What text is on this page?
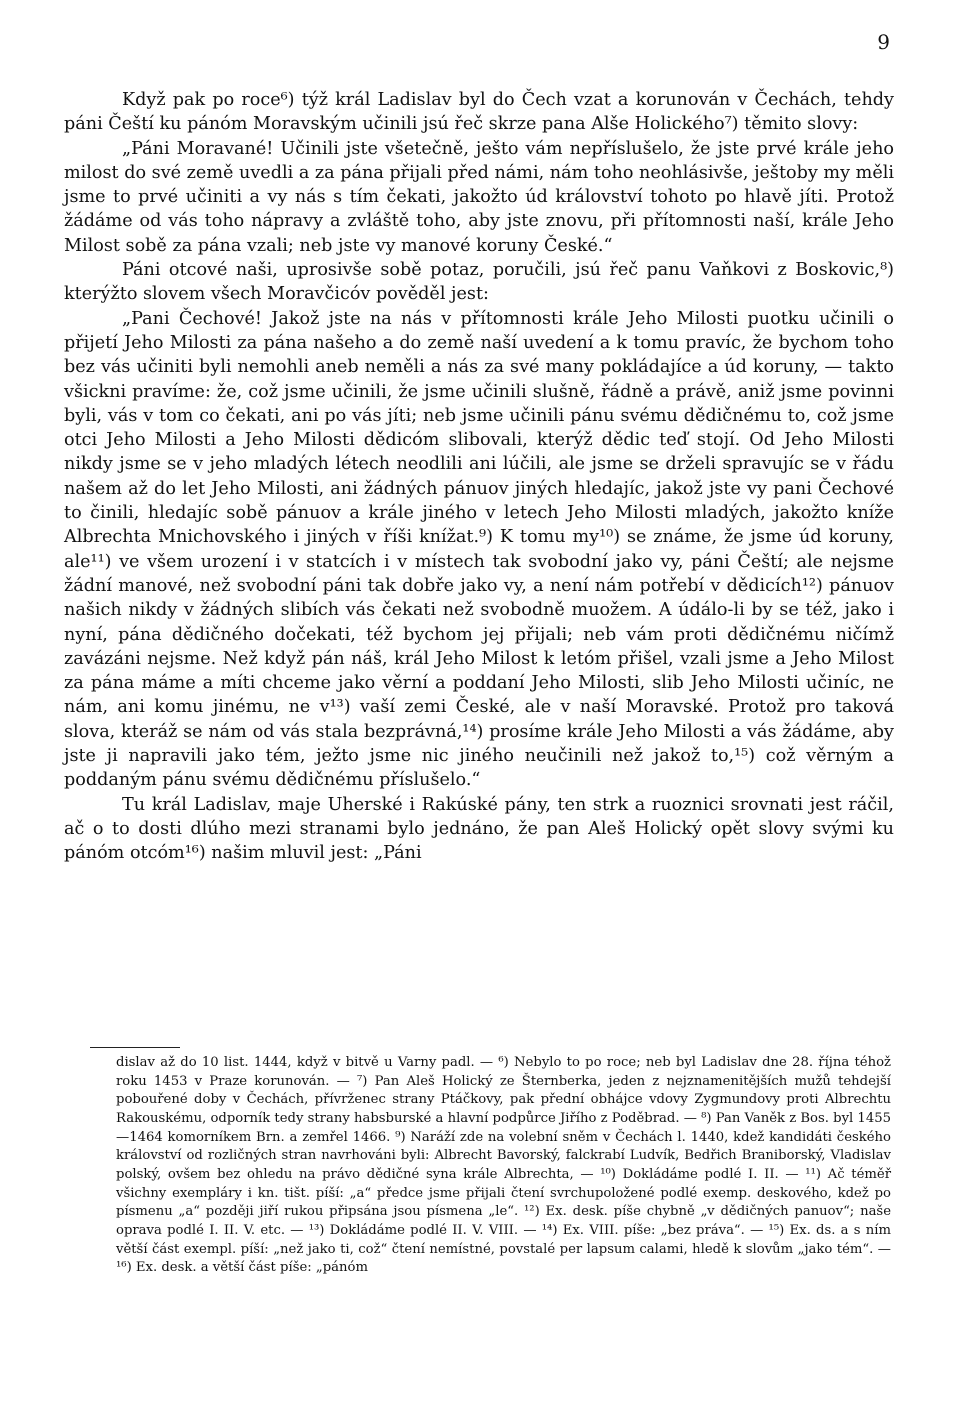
9

Když pak po roce⁶) týž král Ladislav byl do Čech vzat a korunován v Čechách, tehdy páni Čeští ku pánóm Moravským učinili jsú řeč skrze pana Alše Holického⁷) těmito slovy:

„Páni Moravané! Učinili jste všetečně, ješto vám nepříslušelo, že jste prvé krále jeho milost do své země uvedli a za pána přijali před námi, nám toho neohlásivše, ještoby my měli jsme to prvé učiniti a vy nás s tím čekati, jakožto úd království tohoto po hlavě jíti. Protož žádáme od vás toho nápravy a zvláště toho, aby jste znovu, při přítomnosti naší, krále Jeho Milost sobě za pána vzali; neb jste vy manové koruny České.“

Páni otcové naši, uprosivše sobě potaz, poručili, jsú řeč panu Vaňkovi z Boskovic,⁸) kterýžto slovem všech Moravčicóv pověděl jest:

„Pani Čechové! Jakož jste na nás v přítomnosti krále Jeho Milosti puotku učinili o přijetí Jeho Milosti za pána našeho a do země naší uvedení a k tomu pravíc, že bychom toho bez vás učiniti byli nemohli aneb neměli a nás za své many pokládajíce a úd koruny, — takto všickni pravíme: že, což jsme učinili, že jsme učinili slušně, řádně a právě, aniž jsme povinni byli, vás v tom co čekati, ani po vás jíti; neb jsme učinili pánu svému dědičnému to, což jsme otci Jeho Milosti a Jeho Milosti dědicóm slibovali, kterýž dědic teď stojí. Od Jeho Milosti nikdy jsme se v jeho mladých létech neodlili ani lúčili, ale jsme se drželi spravujíc se v řádu našem až do let Jeho Milosti, ani žádných pánuov jiných hledajíc, jakož jste vy pani Čechové to činili, hledajíc sobě pánuov a krále jiného v letech Jeho Milosti mladých, jakožto kníže Albrechta Mnichovského i jiných v říši knížat.⁹) K tomu my¹⁰) se známe, že jsme úd koruny, ale¹¹) ve všem urození i v statcích i v místech tak svobodní jako vy, páni Čeští; ale nejsme žádní manové, než svobodní páni tak dobře jako vy, a není nám potřebí v dědicích¹²) pánuov našich nikdy v žádných slibích vás čekati než svobodně muožem. A údálo-li by se též, jako i nyní, pána dědičného dočekati, též bychom jej přijali; neb vám proti dědičnému ničímž zavázáni nejsme. Než když pán náš, král Jeho Milost k letóm přišel, vzali jsme a Jeho Milost za pána máme a míti chceme jako věrní a poddaní Jeho Milosti, slib Jeho Milosti učiníc, ne nám, ani komu jinému, ne v¹³) vaší zemi České, ale v naší Moravské. Protož pro taková slova, kteráž se nám od vás stala bezprávná,¹⁴) prosíme krále Jeho Milosti a vás žádáme, aby jste ji napravili jako tém, ježto jsme nic jiného neučinili než jakož to,¹⁵) což věrným a poddaným pánu svému dědičnému příslušelo.“

Tu král Ladislav, maje Uherské i Rakúské pány, ten strk a ruoznici srovnati jest ráčil, ač o to dosti dlúho mezi stranami bylo jednáno, že pan Aleš Holický opět slovy svými ku pánóm otcóm¹⁶) našim mluvil jest: „Páni

dislav až do 10 list. 1444, když v bitvě u Varny padl. — ⁶) Nebylo to po roce; neb byl Ladislav dne 28. října téhož roku 1453 v Praze korunován. — ⁷) Pan Aleš Holický ze Šternberka, jeden z nejznamenitějších mužů tehdejší pobouřené doby v Čechách, přívrženec strany Ptáčkovy, pak přední obhájce vdovy Zygmundovy proti Albrechtu Rakouskému, odporník tedy strany habsburské a hlavní podpůrce Jiřího z Poděbrad. — ⁸) Pan Vaněk z Bos. byl 1455—1464 komorníkem Brn. a zemřel 1466. ⁹) Naráží zde na volební sněm v Čechách l. 1440, kdež kandidáti českého království od rozličných stran navrhováni byli: Albrecht Bavorský, falckrabí Ludvík, Bedřich Braniborský, Vladislav polský, ovšem bez ohledu na právo dědičné syna krále Albrechta, — ¹⁰) Dokládáme podlé I. II. — ¹¹) Ač téměř všichny exempláry i kn. tišt. píší: „a“ předce jsme přijali čtení svrchupoložené podlé exemp. deskového, kdež po písmenu „a“ později jiří rukou připsána jsou písmena „le“. ¹²) Ex. desk. píše chybně „v dědičných panuov“; naše oprava podlé I. II. V. etc. — ¹³) Dokládáme podlé II. V. VIII. — ¹⁴) Ex. VIII. píše: „bez práva“. — ¹⁵) Ex. ds. a s ním větší část exempl. píší: „než jako ti, což“ čtení nemístné, povstalé per lapsum calami, hledě k slovům „jako tém“. — ¹⁶) Ex. desk. a větší část píše: „pánóm
